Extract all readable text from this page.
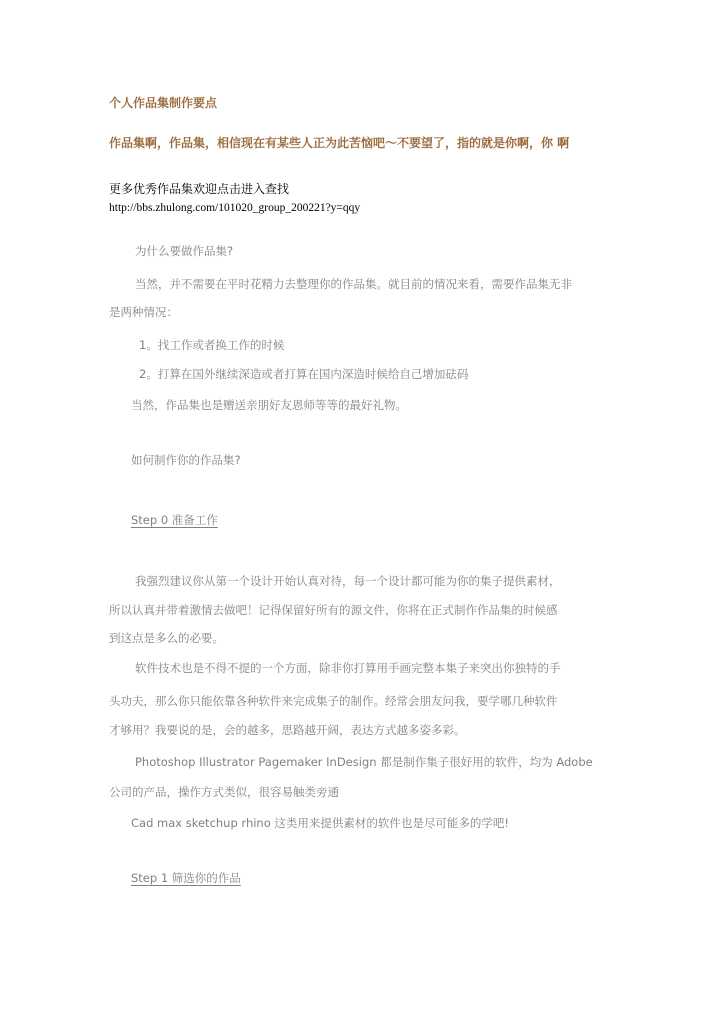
个人作品集制作要点
作品集啊，作品集，相信现在有某些人正为此苦恼吧～不要望了，指的就是你啊，你 啊
更多优秀作品集欢迎点击进入查找
http://bbs.zhulong.com/101020_group_200221?y=qqy
为什么要做作品集?
当然，并不需要在平时花精力去整理你的作品集。就目前的情况来看，需要作品集无非
是两种情况：
1。找工作或者换工作的时候
2。打算在国外继续深造或者打算在国内深造时候给自己增加砝码
当然，作品集也是赠送亲朋好友恩师等等的最好礼物。
如何制作你的作品集?
Step 0 准备工作
我强烈建议你从第一个设计开始认真对待，每一个设计都可能为你的集子提供素材，
所以认真并带着激情去做吧！记得保留好所有的源文件，你将在正式制作作品集的时候感
到这点是多么的必要。
软件技术也是不得不提的一个方面，除非你打算用手画完整本集子来突出你独特的手
头功夫，那么你只能依靠各种软件来完成集子的制作。经常会朋友问我，要学哪几种软件
才够用？我要说的是，会的越多，思路越开阔，表达方式越多姿多彩。
Photoshop Illustrator Pagemaker InDesign 都是制作集子很好用的软件，均为 Adobe
公司的产品，操作方式类似，很容易触类旁通
Cad max sketchup rhino 这类用来提供素材的软件也是尽可能多的学吧!
Step 1 筛选你的作品
